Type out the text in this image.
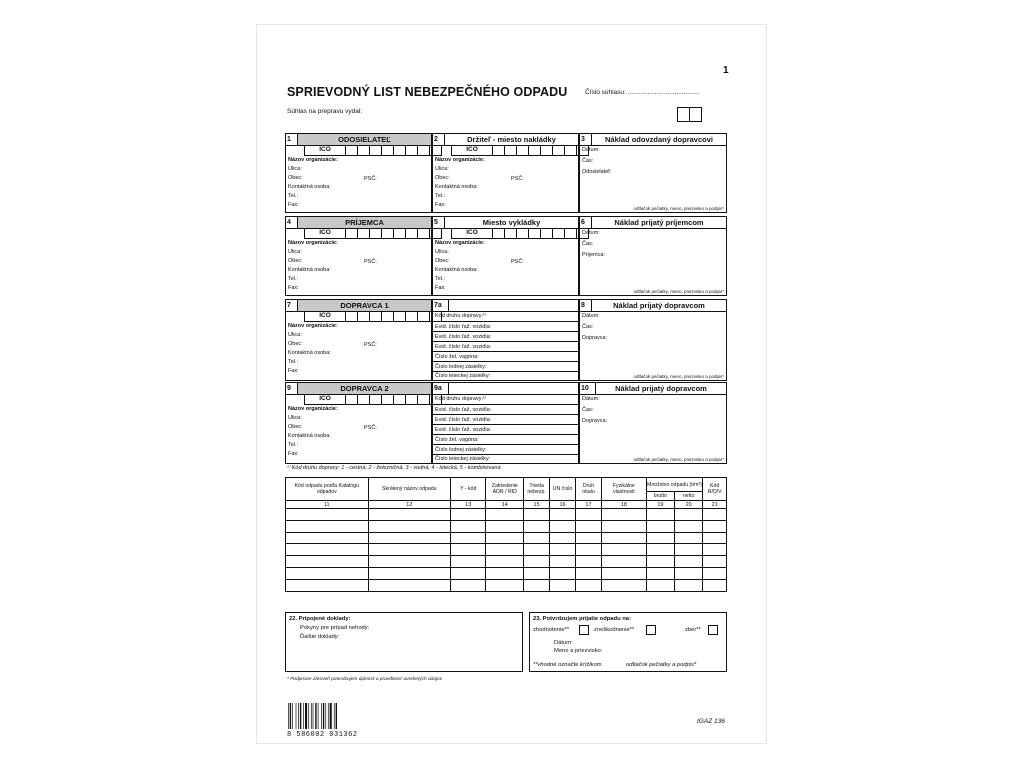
1
SPRIEVODNÝ LIST NEBEZPEČNÉHO ODPADU	Číslo súhlasu: ........................................
Súhlas na prepravu vydal:
1	ODOSIELATEĽ
IČO
Názov organizácie:
Ulica:
Obec:	PSČ:
Kontaktná osoba:
Tel.:
Fax:
2	Držiteľ - miesto nakládky
IČO
Názov organizácie:
Ulica:
Obec:	PSČ:
Kontaktná osoba:
Tel.:
Fax:
3	Náklad odovzdaný dopravcovi
Dátum:
Čas:
Odosielateľ:
odtlačok pečiatky, meno, priezvisko a podpis*
4	PRÍJEMCA
IČO
Názov organizácie:
Ulica:
Obec:	PSČ:
Kontaktná osoba:
Tel.:
Fax:
5	Miesto vykládky
IČO
Názov organizácie:
Ulica:
Obec:	PSČ:
Kontaktná osoba:
Tel.:
Fax:
6	Náklad prijatý príjemcom
Dátum:
Čas:
Prijemca:
odtlačok pečiatky, meno, priezvisko a podpis*
7	DOPRAVCA 1
IČO
Názov organizácie:
Ulica:
Obec:	PSČ:
Kontaktná osoba:
Tel.:
Fax:
7a
Kód druhu dopravy:¹⁾
Evid. číslo ťaž. vozidla:
Evid. číslo ťaž. vozidla:
Evid. číslo ťaž. vozidla:
Číslo žel. vagóna:
Číslo lodnej zásielky:
Číslo leteckej zásielky:
8	Náklad prijatý dopravcom
Dátum:
Čas:
Dopravca:
odtlačok pečiatky, meno, priezvisko a podpis*
9	DOPRAVCA 2
IČO
Názov organizácie:
Ulica:
Obec:	PSČ:
Kontaktná osoba:
Tel.:
Fax:
9a
Kód druhu dopravy:¹⁾
Evid. číslo ťaž. vozidla:
Evid. číslo ťaž. vozidla:
Evid. číslo ťaž. vozidla:
Číslo žel. vagóna:
Číslo lodnej zásielky:
Číslo leteckej zásielky:
10	Náklad prijatý dopravcom
Dátum:
Čas:
Dopravca:
odtlačok pečiatky, meno, priezvisko a podpis*
¹⁾ Kód druhu dopravy: 1 - cestná, 2 - železničná, 3 - vodná, 4 - letecká, 5 - kombinovaná
Kód odpadu podľa Katalógu odpadov	Skrátený názov odpadu	Y - kód	Zatriedenie ADR / RID	Trieda nebezp.	UN číslo	Druh obalu	Fyzikálne vlastnosti	Množstvo odpadu (t/m³)		Kód R/D/V
								brutto	netto	
11	12	13	14	15	16	17	18	19	20	21

22. Pripojené doklady:
Pokyny pre prípad nehody:
Ďalšie doklady:
23. Potvrdzujem prijatie odpadu na:
zhodnotenie**	zneškodnenie**	zber**
Dátum:
Meno a priezvisko:
**vhodné označte krížikom	odtlačok pečiatky a podpis*
* Podpisom zároveň potvrdzujem úplnosť a pravdivosť uvedených údajov
8 586002 031362
IGAZ 136
